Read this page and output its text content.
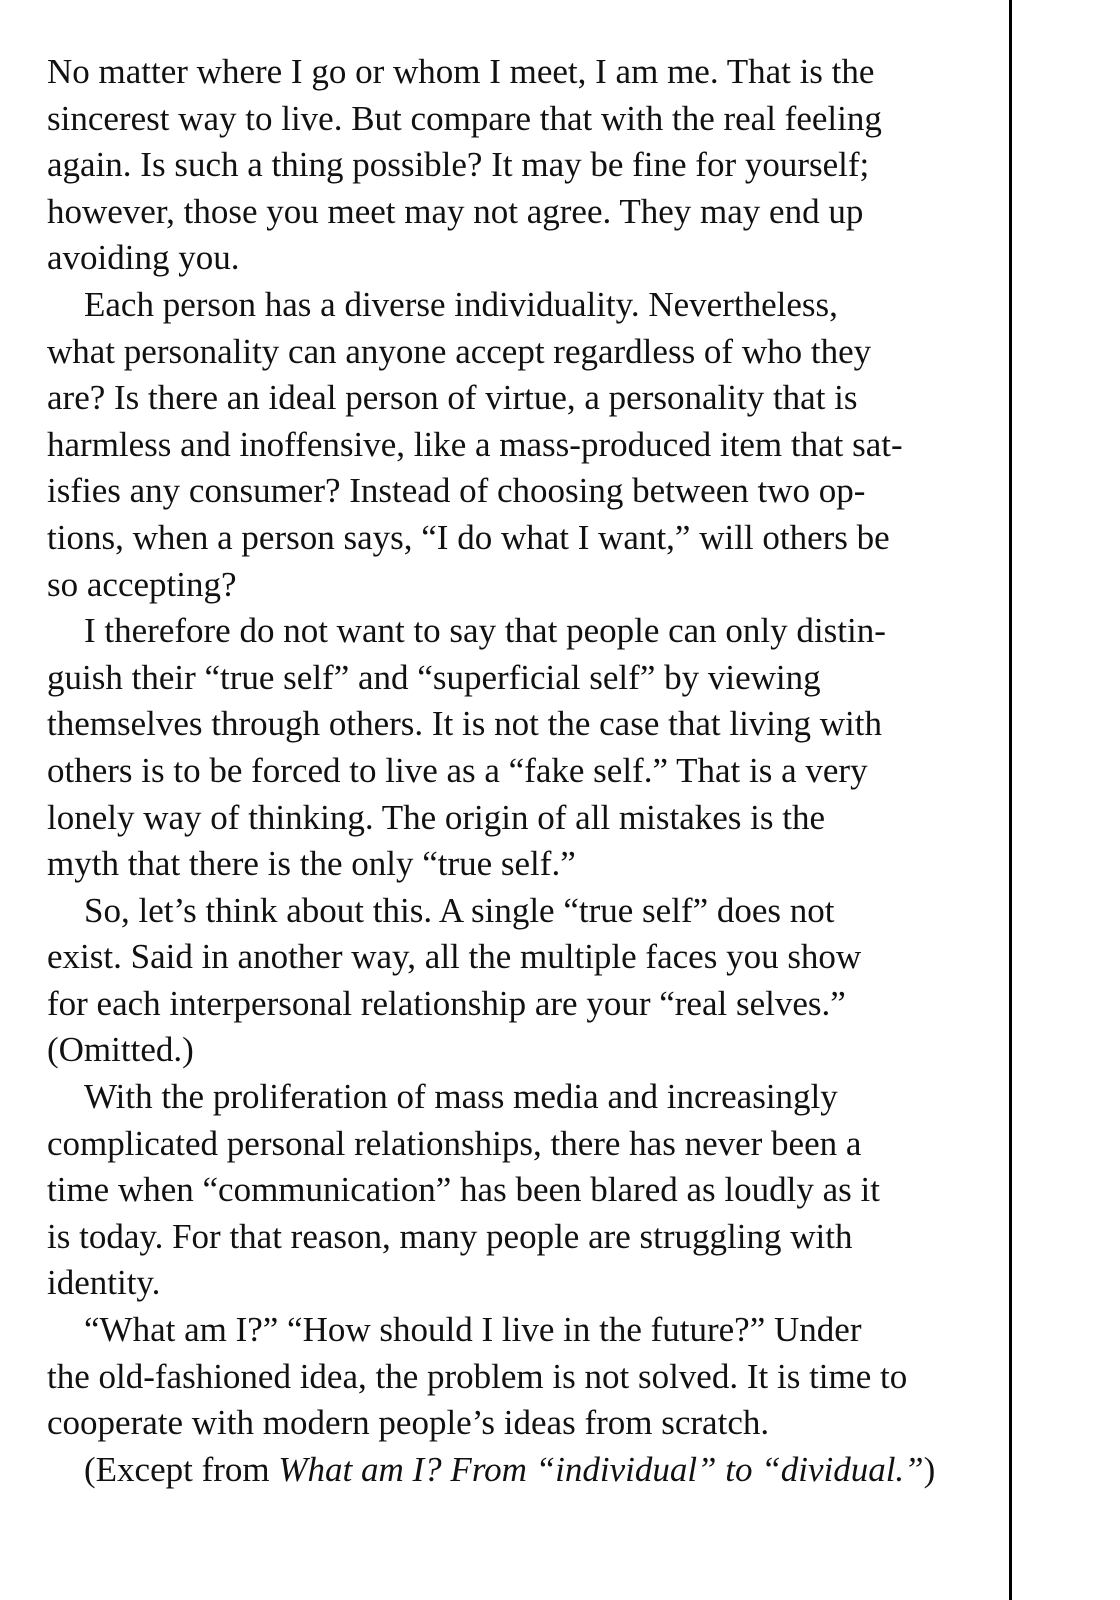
No matter where I go or whom I meet, I am me. That is the
sincerest way to live. But compare that with the real feeling
again. Is such a thing possible? It may be fine for yourself;
however, those you meet may not agree. They may end up
avoiding you.
Each person has a diverse individuality. Nevertheless,
what personality can anyone accept regardless of who they
are? Is there an ideal person of virtue, a personality that is
harmless and inoffensive, like a mass-produced item that sat-
isfies any consumer? Instead of choosing between two op-
tions, when a person says, “I do what I want,” will others be
so accepting?
I therefore do not want to say that people can only distin-
guish their “true self” and “superficial self” by viewing
themselves through others. It is not the case that living with
others is to be forced to live as a “fake self.” That is a very
lonely way of thinking. The origin of all mistakes is the
myth that there is the only “true self.”
So, let’s think about this. A single “true self” does not
exist. Said in another way, all the multiple faces you show
for each interpersonal relationship are your “real selves.”
(Omitted.)
With the proliferation of mass media and increasingly
complicated personal relationships, there has never been a
time when “communication” has been blared as loudly as it
is today. For that reason, many people are struggling with
identity.
“What am I?” “How should I live in the future?” Under
the old-fashioned idea, the problem is not solved. It is time to
cooperate with modern people’s ideas from scratch.
(Except from What am I? From “individual” to “dividual.”)
